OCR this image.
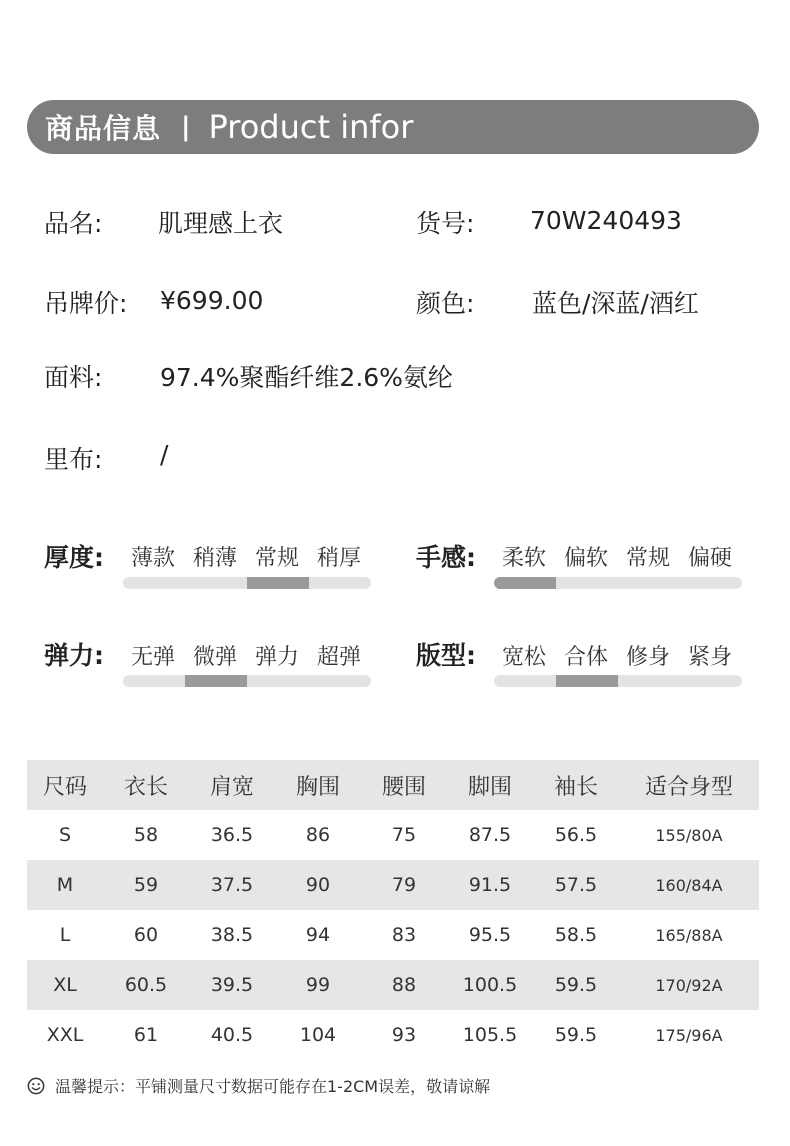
商品信息 | Product infor
品名: 肌理感上衣	货号: 70W240493
吊牌价: ¥699.00	颜色: 蓝色/深蓝/酒红
面料: 97.4%聚酯纤维2.6%氨纶
里布: /
厚度:	薄款 稍薄 常规 稍厚	手感:	柔软 偏软 常规 偏硬
弹力:	无弹 微弹 弹力 超弹	版型:	宽松 合体 修身 紧身
尺码	衣长	肩宽	胸围	腰围	脚围	袖长	适合身型
S	58	36.5	86	75	87.5	56.5	155/80A
M	59	37.5	90	79	91.5	57.5	160/84A
L	60	38.5	94	83	95.5	58.5	165/88A
XL	60.5	39.5	99	88	100.5	59.5	170/92A
XXL	61	40.5	104	93	105.5	59.5	175/96A
温馨提示：平铺测量尺寸数据可能存在1-2CM误差，敬请谅解
